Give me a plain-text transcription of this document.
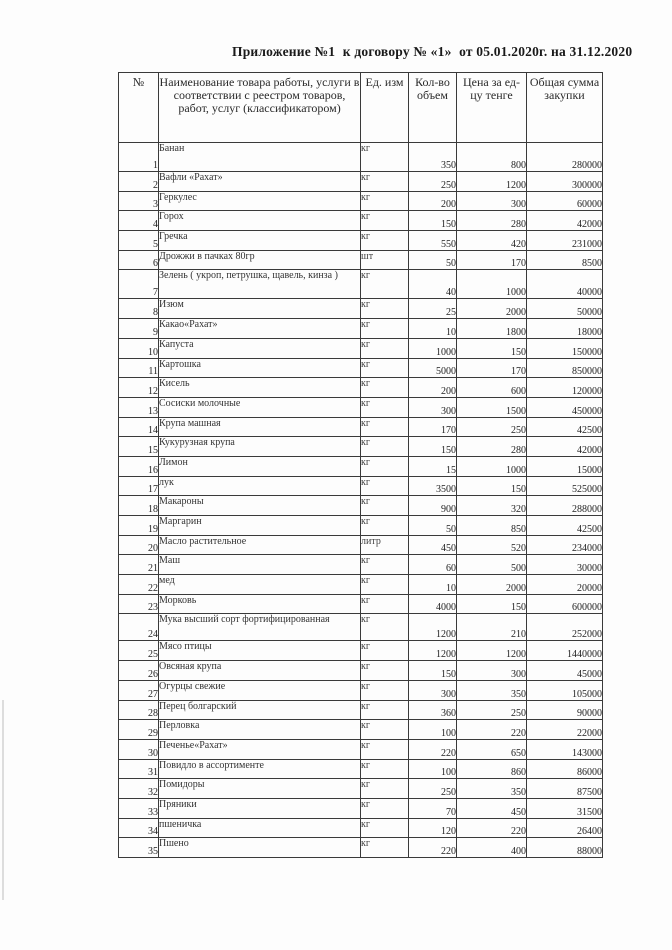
Приложение №1 к договору № «1» от 05.01.2020г. на 31.12.2020
№	Наименование товара работы, услуги в соответствии с реестром товаров, работ, услуг (классификатором)	Ед. изм	Кол-во объем	Цена за ед-цу тенге	Общая сумма закупки
1	Банан	кг	350	800	280000
2	Вафли «Рахат»	кг	250	1200	300000
3	Геркулес	кг	200	300	60000
4	Горох	кг	150	280	42000
5	Гречка	кг	550	420	231000
6	Дрожжи в пачках 80гр	шт	50	170	8500
7	Зелень ( укроп, петрушка, щавель, кинза )	кг	40	1000	40000
8	Изюм	кг	25	2000	50000
9	Какао«Рахат»	кг	10	1800	18000
10	Капуста	кг	1000	150	150000
11	Картошка	кг	5000	170	850000
12	Кисель	кг	200	600	120000
13	Сосиски молочные	кг	300	1500	450000
14	Крупа машная	кг	170	250	42500
15	Кукурузная крупа	кг	150	280	42000
16	Лимон	кг	15	1000	15000
17	лук	кг	3500	150	525000
18	Макароны	кг	900	320	288000
19	Маргарин	кг	50	850	42500
20	Масло растительное	литр	450	520	234000
21	Маш	кг	60	500	30000
22	мед	кг	10	2000	20000
23	Морковь	кг	4000	150	600000
24	Мука высший сорт фортифицированная	кг	1200	210	252000
25	Мясо птицы	кг	1200	1200	1440000
26	Овсяная крупа	кг	150	300	45000
27	Огурцы свежие	кг	300	350	105000
28	Перец болгарский	кг	360	250	90000
29	Перловка	кг	100	220	22000
30	Печенье«Рахат»	кг	220	650	143000
31	Повидло в ассортименте	кг	100	860	86000
32	Помидоры	кг	250	350	87500
33	Пряники	кг	70	450	31500
34	пшеничка	кг	120	220	26400
35	Пшено	кг	220	400	88000
